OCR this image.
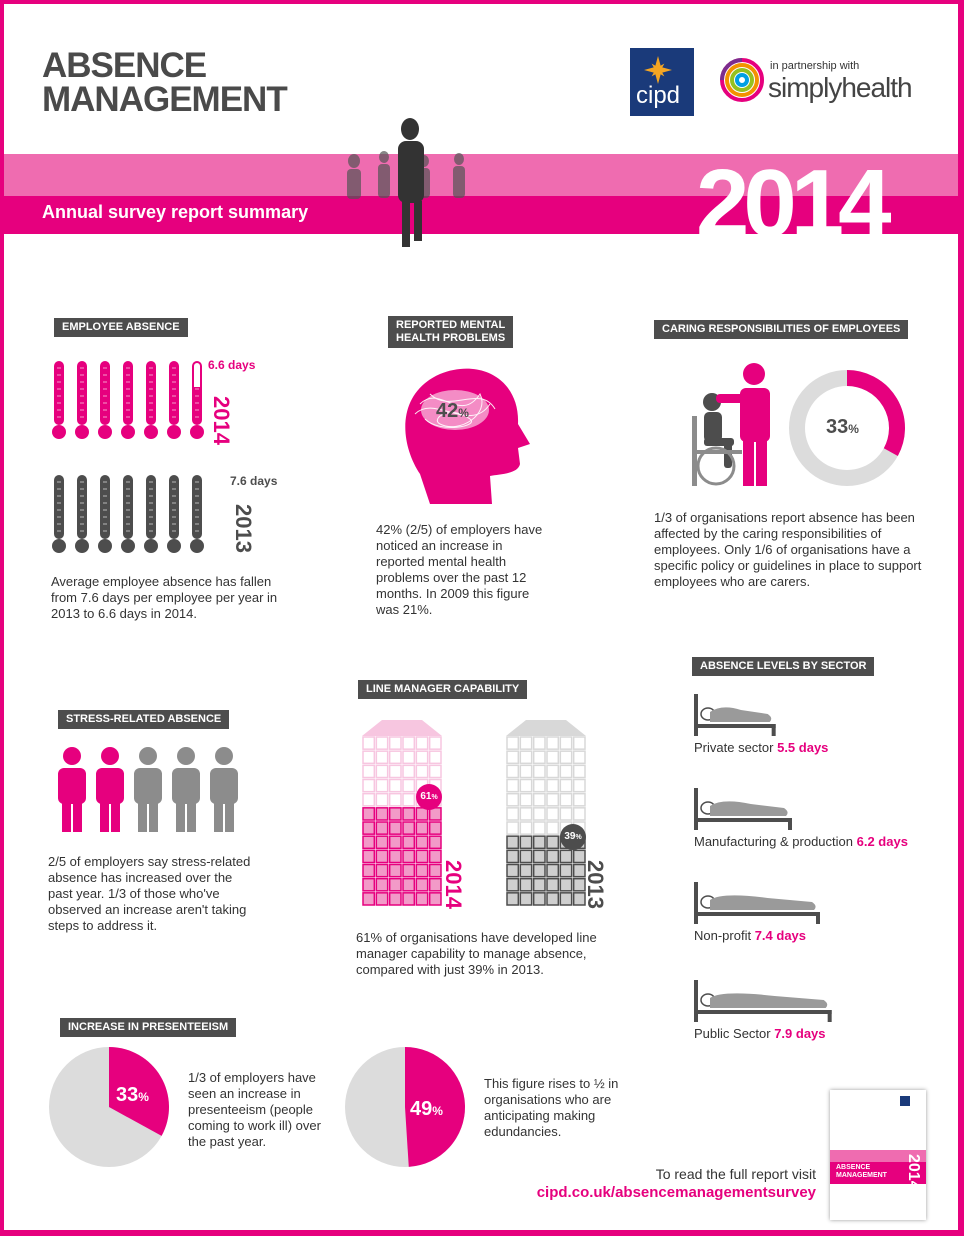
ABSENCE
MANAGEMENT	cipd
in partnership with
simplyhealth
Annual survey report summary	2014
EMPLOYEE ABSENCE
6.6 days
7.6 days
2014
2013
Average employee absence has fallen from 7.6 days per employee per year in 2013 to 6.6 days in 2014.
REPORTED MENTAL
HEALTH PROBLEMS
42%
42% (2/5) of employers have noticed an increase in reported mental health problems over the past 12 months. In 2009 this figure was 21%.
CARING RESPONSIBILITIES OF EMPLOYEES
33%
1/3 of organisations report absence has been affected by the caring responsibilities of employees. Only 1/6 of organisations have a specific policy or guidelines in place to support employees who are carers.
STRESS-RELATED ABSENCE
2/5 of employers say stress-related absence has increased over the past year. 1/3 of those who've observed an increase aren't taking steps to address it.
LINE MANAGER CAPABILITY
61%
39%
2014	2013
61% of organisations have developed line manager capability to manage absence, compared with just 39% in 2013.
ABSENCE LEVELS BY SECTOR
Private sector 5.5 days
Manufacturing & production 6.2 days
Non-profit 7.4 days
Public Sector 7.9 days
INCREASE IN PRESENTEEISM
33%
1/3 of employers have seen an increase in presenteeism (people coming to work ill) over the past year.
49%
This figure rises to ½ in organisations who are anticipating making edundancies.
To read the full report visit
cipd.co.uk/absencemanagementsurvey
ABSENCE
MANAGEMENT 2014
